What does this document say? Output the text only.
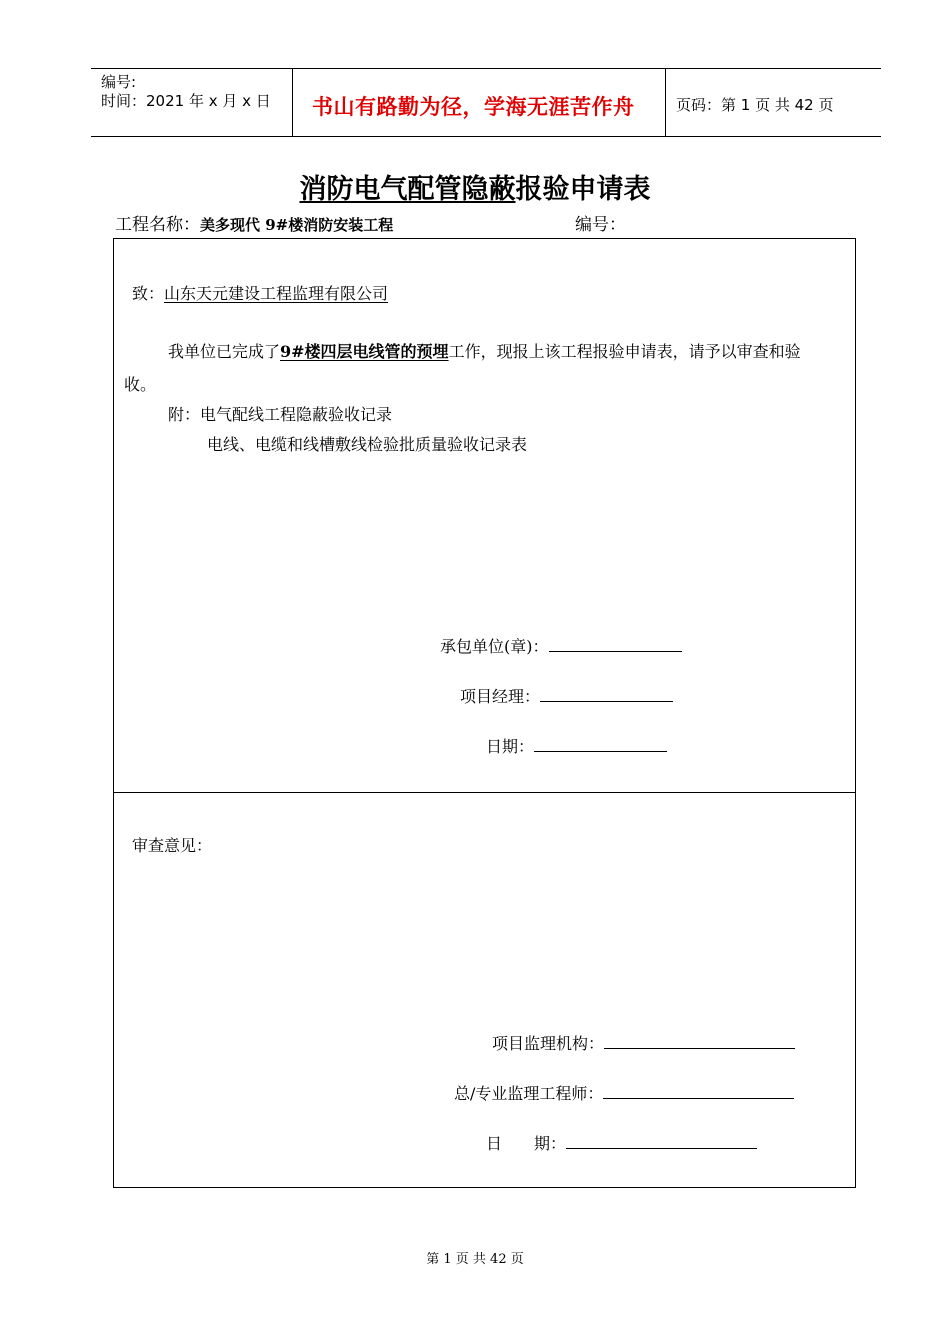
编号:
时间：2021 年 x 月 x 日 书山有路勤为径，学海无涯苦作舟	页码：第 1 页 共 42 页
消防电气配管隐蔽报验申请表
工程名称：美多现代 9#楼消防安装工程	编号：
致：山东天元建设工程监理有限公司
我单位已完成了9#楼四层电线管的预埋工作，现报上该工程报验申请表，请予以审查和验
收。
附：电气配线工程隐蔽验收记录
电线、电缆和线槽敷线检验批质量验收记录表
承包单位(章)：
项目经理：
日期：
审查意见：
项目监理机构：
总/专业监理工程师：
日　　期：
第 1 页 共 42 页
